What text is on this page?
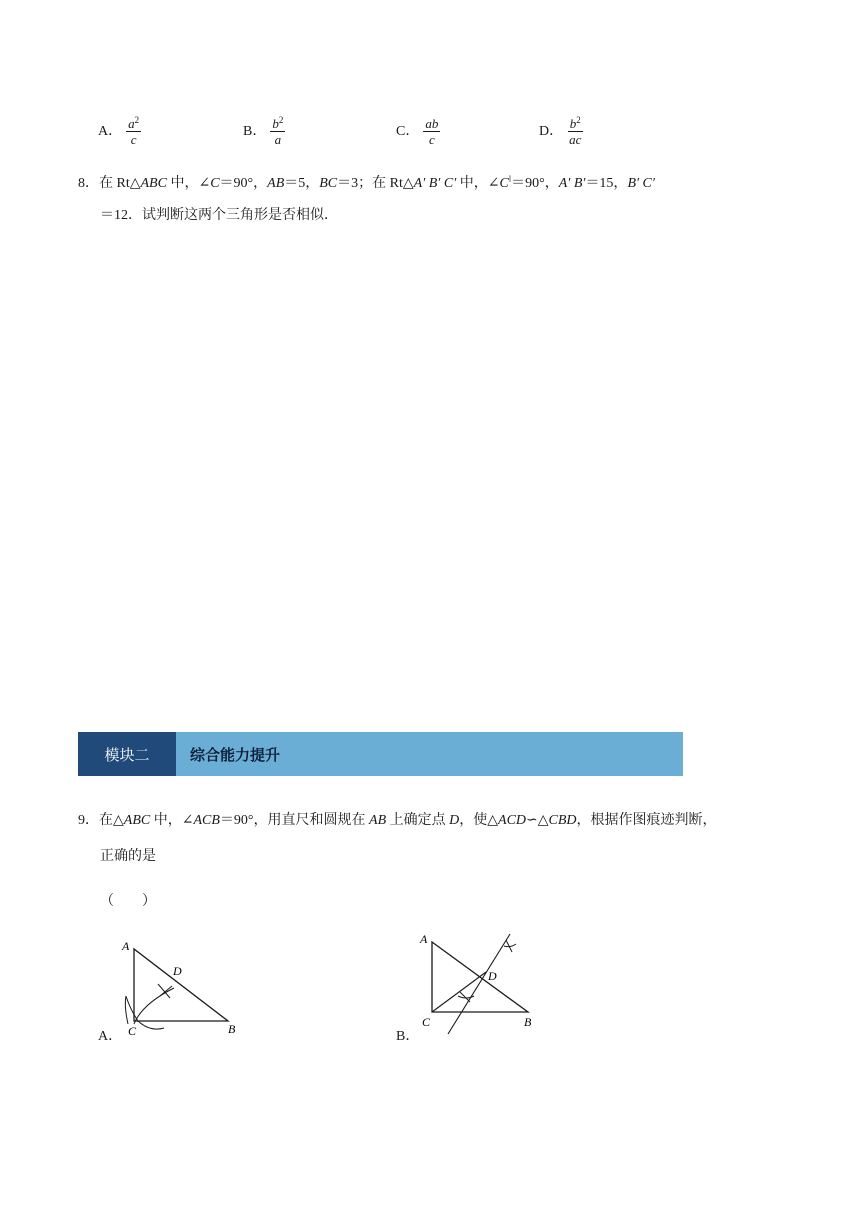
A． $\frac{a^2}{c}$	B． $\frac{b^2}{a}$	C． $\frac{ab}{c}$	D． $\frac{b^2}{ac}$
8．在 Rt△ABC 中，∠C＝90°，AB＝5，BC＝3；在 Rt△A′ B′ C′ 中，$\angle C^l=90^\circ$，A′ B′＝15，B′ C′
＝12．试判断这两个三角形是否相似．
模块二	综合能力提升
9．在△ABC 中，∠ACB＝90°，用直尺和圆规在 AB 上确定点 D，使△ACD∽△CBD，根据作图痕迹判断，
正确的是
（　　）
A．
A
D
C	B	B．
A
D
C	B
